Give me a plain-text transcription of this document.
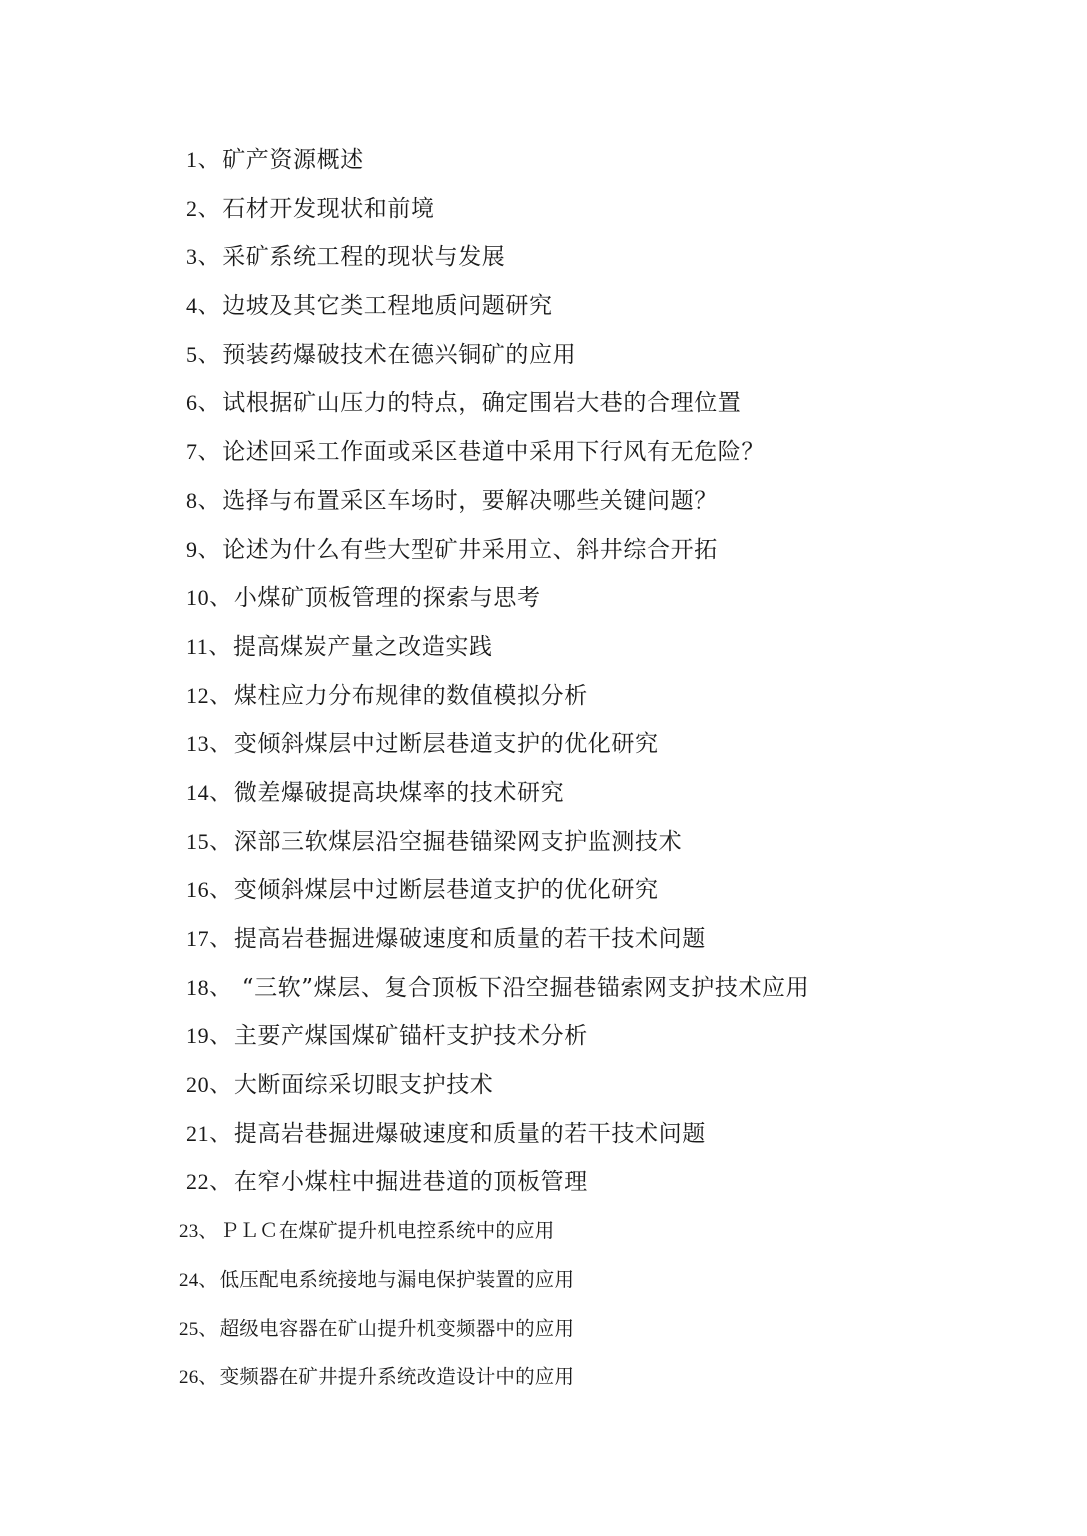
1、矿产资源概述
2、石材开发现状和前境
3、采矿系统工程的现状与发展
4、边坡及其它类工程地质问题研究
5、预装药爆破技术在德兴铜矿的应用
6、试根据矿山压力的特点，确定围岩大巷的合理位置
7、论述回采工作面或采区巷道中采用下行风有无危险？
8、选择与布置采区车场时，要解决哪些关键问题？
9、论述为什么有些大型矿井采用立、斜井综合开拓
10、小煤矿顶板管理的探索与思考
11、提高煤炭产量之改造实践
12、煤柱应力分布规律的数值模拟分析
13、变倾斜煤层中过断层巷道支护的优化研究
14、微差爆破提高块煤率的技术研究
15、深部三软煤层沿空掘巷锚梁网支护监测技术
16、变倾斜煤层中过断层巷道支护的优化研究
17、提高岩巷掘进爆破速度和质量的若干技术问题
18、 “三软”煤层、复合顶板下沿空掘巷锚索网支护技术应用
19、主要产煤国煤矿锚杆支护技术分析
20、大断面综采切眼支护技术
21、提高岩巷掘进爆破速度和质量的若干技术问题
22、在窄小煤柱中掘进巷道的顶板管理
23、 ＰＬＣ在煤矿提升机电控系统中的应用
24、 低压配电系统接地与漏电保护装置的应用
25、 超级电容器在矿山提升机变频器中的应用
26、 变频器在矿井提升系统改造设计中的应用
